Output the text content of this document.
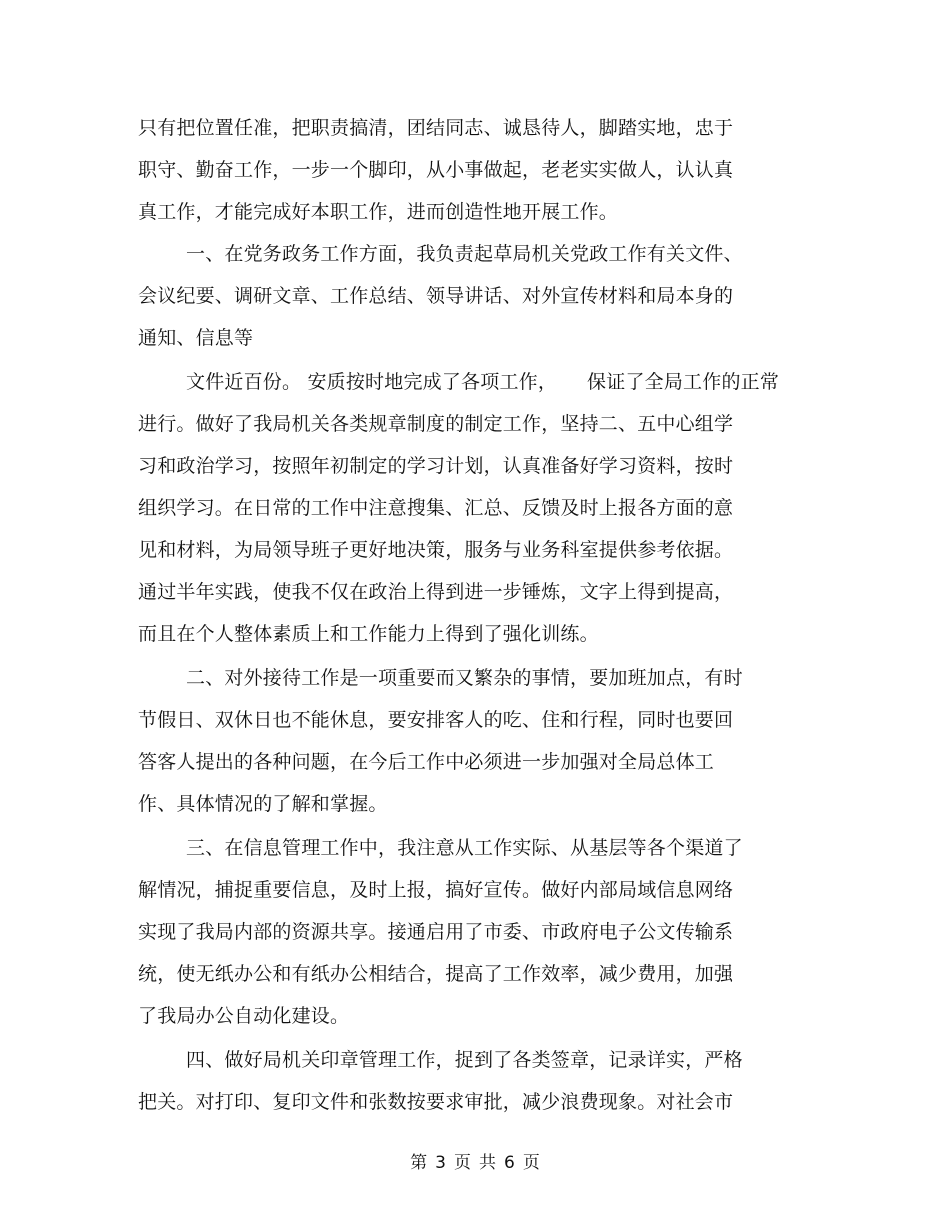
只有把位置任准，把职责搞清，团结同志、诚恳待人，脚踏实地，忠于
职守、勤奋工作，一步一个脚印，从小事做起，老老实实做人，认认真
真工作，才能完成好本职工作，进而创造性地开展工作。
一、在党务政务工作方面，我负责起草局机关党政工作有关文件、
会议纪要、调研文章、工作总结、领导讲话、对外宣传材料和局本身的
通知、信息等
文件近百份。 安质按时地完成了各项工作， 保证了全局工作的正常
进行。做好了我局机关各类规章制度的制定工作，坚持二、五中心组学
习和政治学习，按照年初制定的学习计划，认真准备好学习资料，按时
组织学习。在日常的工作中注意搜集、汇总、反馈及时上报各方面的意
见和材料，为局领导班子更好地决策，服务与业务科室提供参考依据。
通过半年实践，使我不仅在政治上得到进一步锤炼，文字上得到提高，
而且在个人整体素质上和工作能力上得到了强化训练。
二、对外接待工作是一项重要而又繁杂的事情，要加班加点，有时
节假日、双休日也不能休息，要安排客人的吃、住和行程，同时也要回
答客人提出的各种问题，在今后工作中必须进一步加强对全局总体工
作、具体情况的了解和掌握。
三、在信息管理工作中，我注意从工作实际、从基层等各个渠道了
解情况，捕捉重要信息，及时上报，搞好宣传。做好内部局域信息网络
实现了我局内部的资源共享。接通启用了市委、市政府电子公文传输系
统，使无纸办公和有纸办公相结合，提高了工作效率，减少费用，加强
了我局办公自动化建设。
四、做好局机关印章管理工作，捉到了各类签章，记录详实，严格
把关。对打印、复印文件和张数按要求审批，减少浪费现象。对社会市
第 3 页 共 6 页
